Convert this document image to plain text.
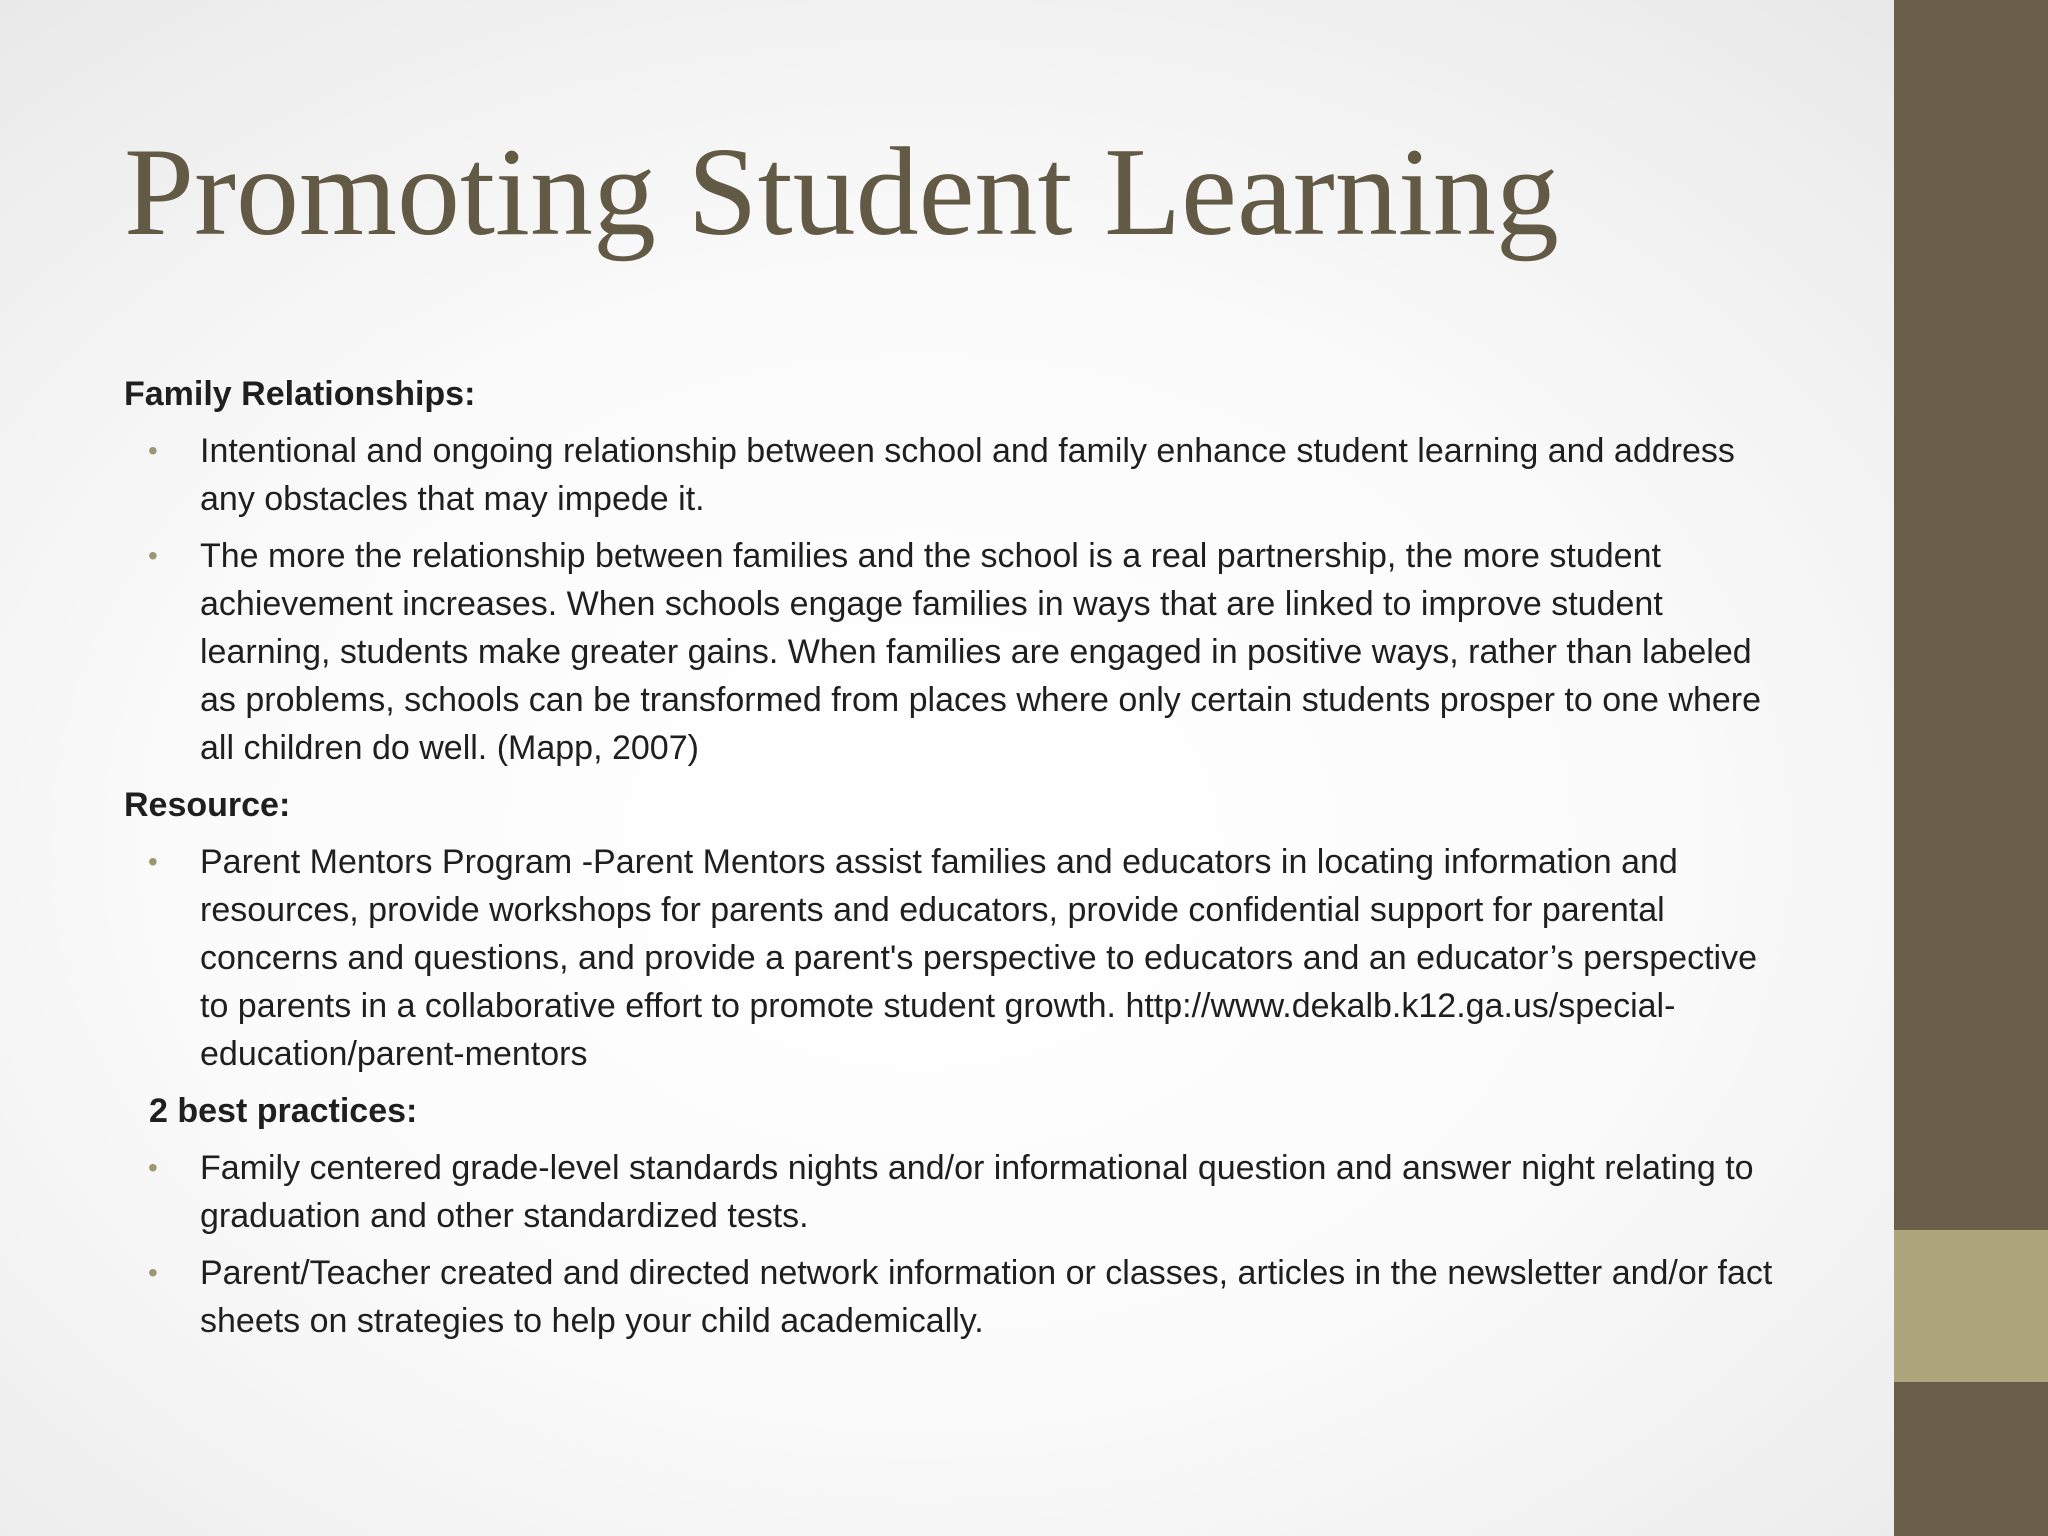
Promoting Student Learning
Family Relationships:
• Intentional and ongoing relationship between school and family enhance student learning and address any obstacles that may impede it.
• The more the relationship between families and the school is a real partnership, the more student achievement increases. When schools engage families in ways that are linked to improve student learning, students make greater gains. When families are engaged in positive ways, rather than labeled as problems, schools can be transformed from places where only certain students prosper to one where all children do well. (Mapp, 2007)
Resource:
• Parent Mentors Program -Parent Mentors assist families and educators in locating information and resources, provide workshops for parents and educators, provide confidential support for parental concerns and questions, and provide a parent's perspective to educators and an educator’s perspective to parents in a collaborative effort to promote student growth. http://www.dekalb.k12.ga.us/special-education/parent-mentors
2 best practices:
• Family centered grade-level standards nights and/or informational question and answer night relating to graduation and other standardized tests.
• Parent/Teacher created and directed network information or classes, articles in the newsletter and/or fact sheets on strategies to help your child academically.
